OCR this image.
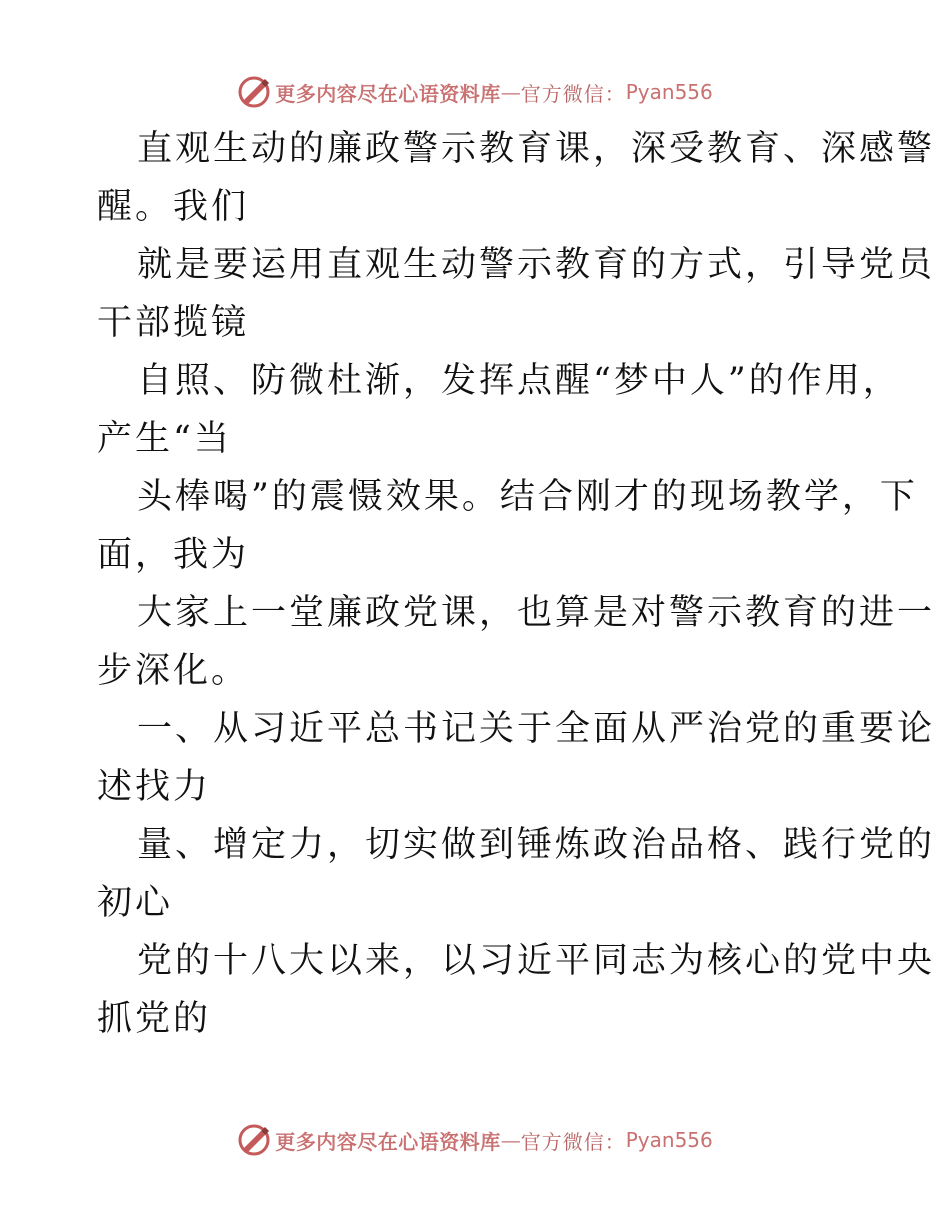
更多内容尽在心语资料库 — 官方微信： Pyan556
直观生动的廉政警示教育课，深受教育、深感警
醒。我们
就是要运用直观生动警示教育的方式，引导党员
干部揽镜
自照、防微杜渐，发挥点醒“梦中人”的作用，
产生“当
头棒喝”的震慑效果。结合刚才的现场教学，下
面，我为
大家上一堂廉政党课，也算是对警示教育的进一
步深化。
一、从习近平总书记关于全面从严治党的重要论
述找力
量、增定力，切实做到锤炼政治品格、践行党的
初心
党的十八大以来，以习近平同志为核心的党中央
抓党的
更多内容尽在心语资料库 — 官方微信： Pyan556
